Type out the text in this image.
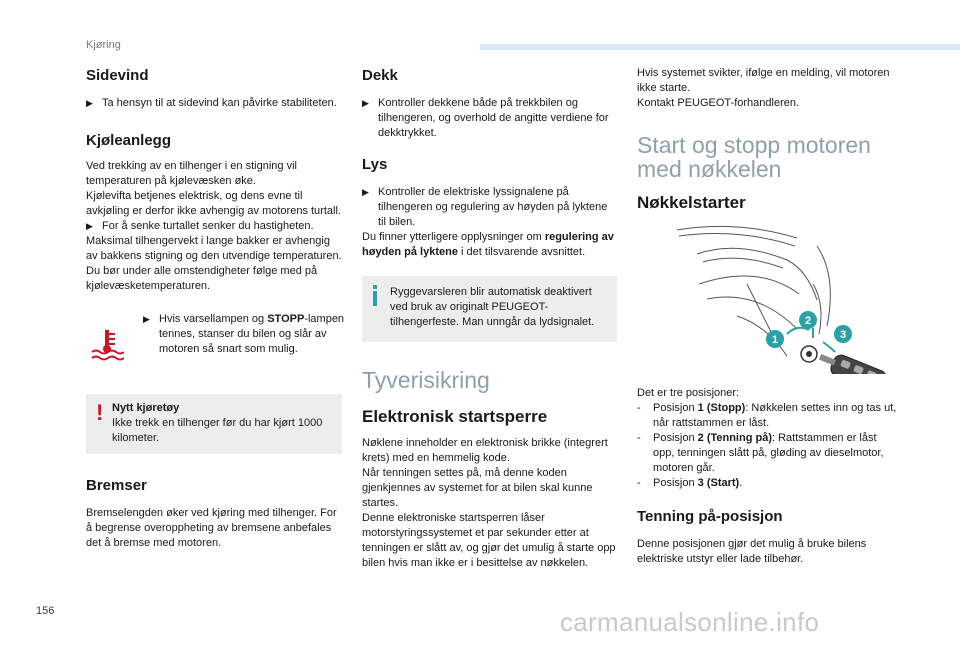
Kjøring
Sidevind
▶ Ta hensyn til at sidevind kan påvirke stabiliteten.
Kjøleanlegg

Ved trekking av en tilhenger i en stigning vil temperaturen på kjølevæsken øke.

Kjølevifta betjenes elektrisk, og dens evne til avkjøling er derfor ikke avhengig av motorens turtall.

▶ For å senke turtallet senker du hastigheten.

Maksimal tilhengervekt i lange bakker er avhengig av bakkens stigning og den utvendige temperaturen.

Du bør under alle omstendigheter følge med på kjølevæsketemperaturen.

▶ Hvis varsellampen og STOPP-lampen tennes, stanser du bilen og slår av motoren så snart som mulig.
! Nytt kjøretøy

Ikke trekk en tilhenger før du har kjørt 1000 kilometer.

Bremser

Bremselengden øker ved kjøring med tilhenger. For å begrense overoppheting av bremsene anbefales det å bremse med motoren.

Dekk
▶ Kontroller dekkene både på trekkbilen og tilhengeren, og overhold de angitte verdiene for dekktrykket.
Lys
▶ Kontroller de elektriske lyssignalene på tilhengeren og regulering av høyden på lyktene til bilen.

Du finner ytterligere opplysninger om regulering av høyden på lyktene i det tilsvarende avsnittet.

Ryggevarsleren blir automatisk deaktivert ved bruk av originalt PEUGEOT-tilhengerfeste. Man unngår da lydsignalet.

Tyverisikring
Elektronisk startsperre

Nøklene inneholder en elektronisk brikke (integrert krets) med en hemmelig kode.

Når tenningen settes på, må denne koden gjenkjennes av systemet for at bilen skal kunne startes.

Denne elektroniske startsperren låser motorstyringssystemet et par sekunder etter at tenningen er slått av, og gjør det umulig å starte opp bilen hvis man ikke er i besittelse av nøkkelen.

Hvis systemet svikter, ifølge en melding, vil motoren ikke starte.

Kontakt PEUGEOT-forhandleren.

Start og stopp motoren
med nøkkelen
Nøkkelstarter
1
2
3

Det er tre posisjoner:

- Posisjon 1 (Stopp): Nøkkelen settes inn og tas ut, når rattstammen er låst.
- Posisjon 2 (Tenning på): Rattstammen er låst opp, tenningen slått på, gløding av dieselmotor, motoren går.
- Posisjon 3 (Start).
Tenning på-posisjon

Denne posisjonen gjør det mulig å bruke bilens elektriske utstyr eller lade tilbehør.

156	carmanualsonline.info
